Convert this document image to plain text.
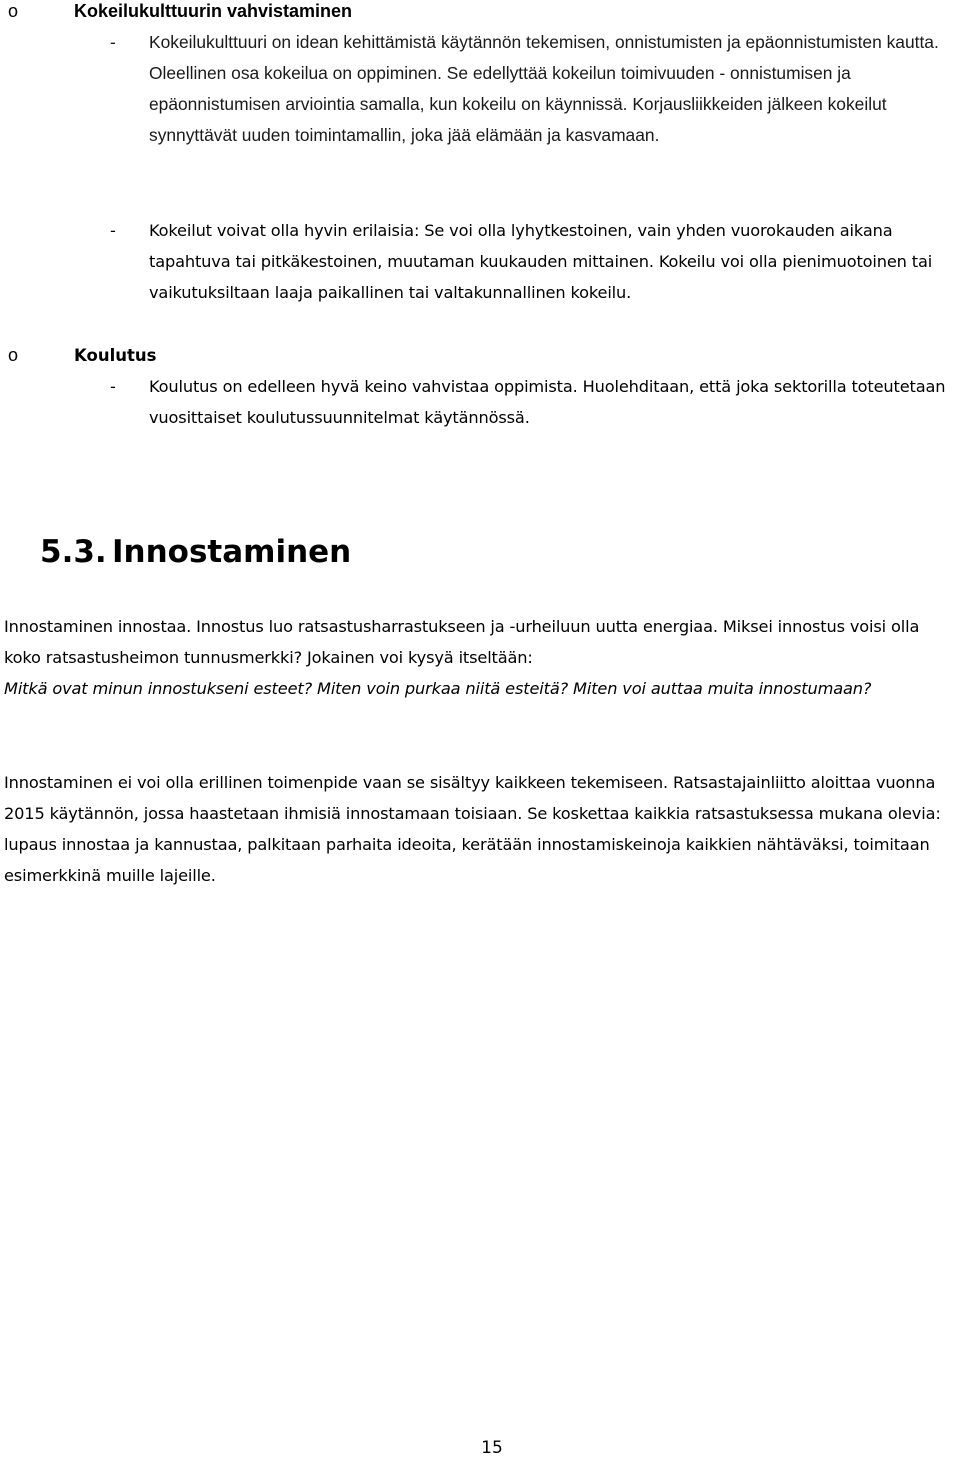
o	Kokeilukulttuurin vahvistaminen
- Kokeilukulttuuri on idean kehittämistä käytännön tekemisen, onnistumisten ja epäonnistumisten kautta. Oleellinen osa kokeilua on oppiminen. Se edellyttää kokeilun toimivuuden - onnistumisen ja epäonnistumisen arviointia samalla, kun kokeilu on käynnissä. Korjausliikkeiden jälkeen kokeilut synnyttävät uuden toimintamallin, joka jää elämään ja kasvamaan.
- Kokeilut voivat olla hyvin erilaisia: Se voi olla lyhytkestoinen, vain yhden vuorokauden aikana tapahtuva tai pitkäkestoinen, muutaman kuukauden mittainen. Kokeilu voi olla pienimuotoinen tai vaikutuksiltaan laaja paikallinen tai valtakunnallinen kokeilu.
o	Koulutus
- Koulutus on edelleen hyvä keino vahvistaa oppimista. Huolehditaan, että joka sektorilla toteutetaan vuosittaiset koulutussuunnitelmat käytännössä.
5.3. Innostaminen
Innostaminen innostaa. Innostus luo ratsastusharrastukseen ja -urheiluun uutta energiaa. Miksei innostus voisi olla koko ratsastusheimon tunnusmerkki? Jokainen voi kysyä itseltään:
Mitkä ovat minun innostukseni esteet? Miten voin purkaa niitä esteitä? Miten voi auttaa muita innostumaan?
Innostaminen ei voi olla erillinen toimenpide vaan se sisältyy kaikkeen tekemiseen. Ratsastajainliitto aloittaa vuonna 2015 käytännön, jossa haastetaan ihmisiä innostamaan toisiaan. Se koskettaa kaikkia ratsastuksessa mukana olevia: lupaus innostaa ja kannustaa, palkitaan parhaita ideoita, kerätään innostamiskeinoja kaikkien nähtäväksi, toimitaan esimerkkinä muille lajeille.
15
